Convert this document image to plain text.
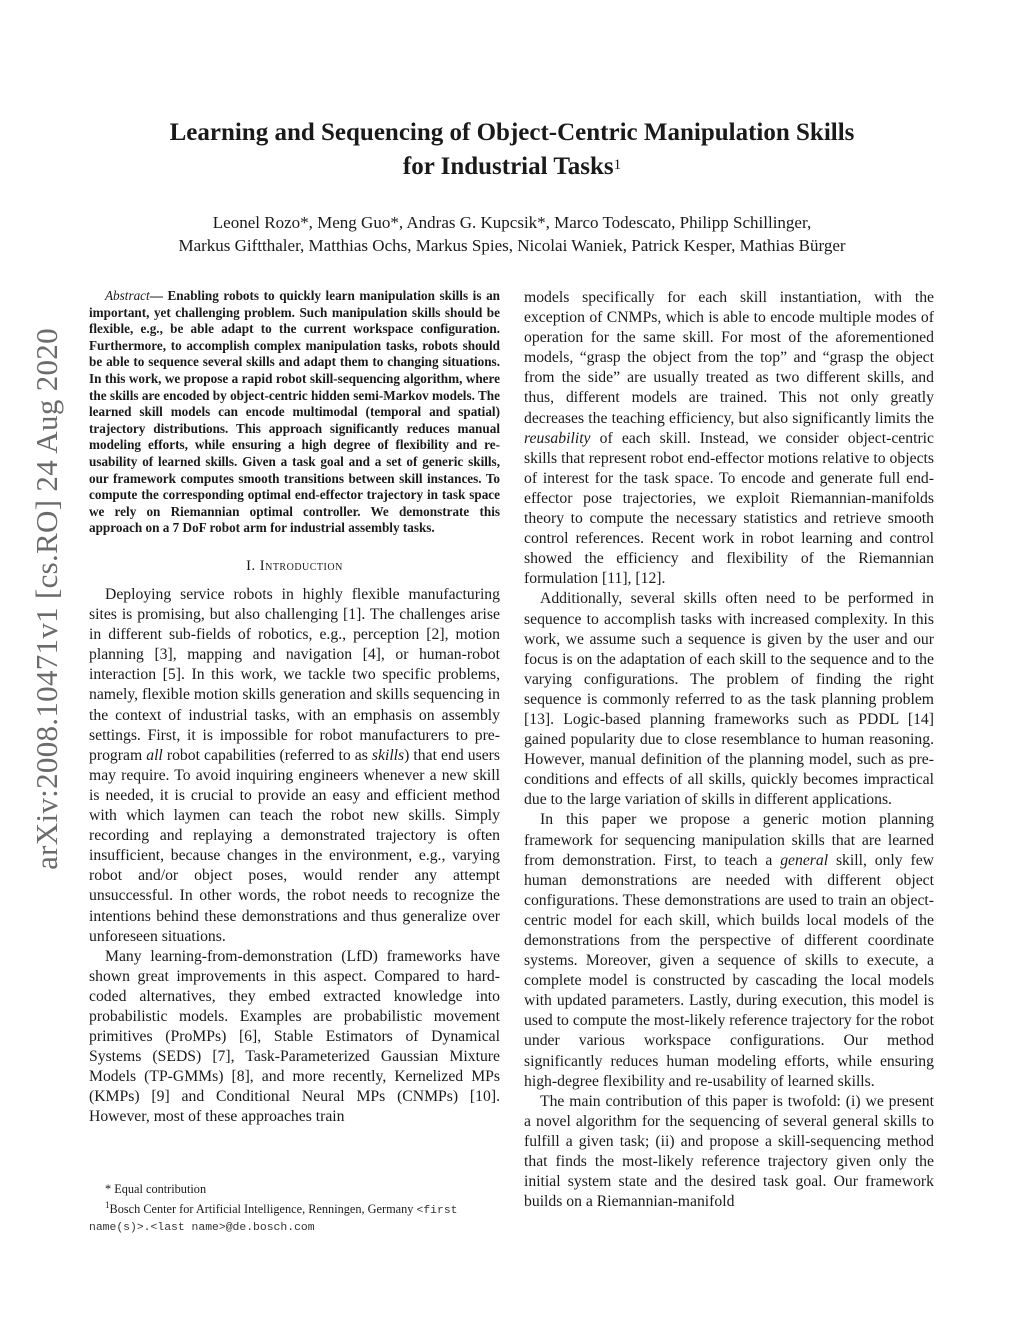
arXiv:2008.10471v1 [cs.RO] 24 Aug 2020
Learning and Sequencing of Object-Centric Manipulation Skills
for Industrial Tasks$^1$
Leonel Rozo*, Meng Guo*, Andras G. Kupcsik*, Marco Todescato, Philipp Schillinger,
Markus Giftthaler, Matthias Ochs, Markus Spies, Nicolai Waniek, Patrick Kesper, Mathias Bürger

Abstract— Enabling robots to quickly learn manipulation skills is an important, yet challenging problem. Such manipulation skills should be flexible, e.g., be able adapt to the current workspace configuration. Furthermore, to accomplish complex manipulation tasks, robots should be able to sequence several skills and adapt them to changing situations. In this work, we propose a rapid robot skill-sequencing algorithm, where the skills are encoded by object-centric hidden semi-Markov models. The learned skill models can encode multimodal (temporal and spatial) trajectory distributions. This approach significantly reduces manual modeling efforts, while ensuring a high degree of flexibility and re-usability of learned skills. Given a task goal and a set of generic skills, our framework computes smooth transitions between skill instances. To compute the corresponding optimal end-effector trajectory in task space we rely on Riemannian optimal controller. We demonstrate this approach on a 7 DoF robot arm for industrial assembly tasks.

I. Introduction

Deploying service robots in highly flexible manufacturing sites is promising, but also challenging [1]. The challenges arise in different sub-fields of robotics, e.g., perception [2], motion planning [3], mapping and navigation [4], or human-robot interaction [5]. In this work, we tackle two specific problems, namely, flexible motion skills generation and skills sequencing in the context of industrial tasks, with an emphasis on assembly settings. First, it is impossible for robot manufacturers to pre-program all robot capabilities (referred to as skills) that end users may require. To avoid inquiring engineers whenever a new skill is needed, it is crucial to provide an easy and efficient method with which laymen can teach the robot new skills. Simply recording and replaying a demonstrated trajectory is often insufficient, because changes in the environment, e.g., varying robot and/or object poses, would render any attempt unsuccessful. In other words, the robot needs to recognize the intentions behind these demonstrations and thus generalize over unforeseen situations.

Many learning-from-demonstration (LfD) frameworks have shown great improvements in this aspect. Compared to hard-coded alternatives, they embed extracted knowledge into probabilistic models. Examples are probabilistic movement primitives (ProMPs) [6], Stable Estimators of Dynamical Systems (SEDS) [7], Task-Parameterized Gaussian Mixture Models (TP-GMMs) [8], and more recently, Kernelized MPs (KMPs) [9] and Conditional Neural MPs (CNMPs) [10]. However, most of these approaches train

* Equal contribution
$^1$Bosch Center for Artificial Intelligence, Renningen, Germany <first
name(s)>.<last name>@de.bosch.com

models specifically for each skill instantiation, with the exception of CNMPs, which is able to encode multiple modes of operation for the same skill. For most of the aforementioned models, “grasp the object from the top” and “grasp the object from the side” are usually treated as two different skills, and thus, different models are trained. This not only greatly decreases the teaching efficiency, but also significantly limits the reusability of each skill. Instead, we consider object-centric skills that represent robot end-effector motions relative to objects of interest for the task space. To encode and generate full end-effector pose trajectories, we exploit Riemannian-manifolds theory to compute the necessary statistics and retrieve smooth control references. Recent work in robot learning and control showed the efficiency and flexibility of the Riemannian formulation [11], [12].

Additionally, several skills often need to be performed in sequence to accomplish tasks with increased complexity. In this work, we assume such a sequence is given by the user and our focus is on the adaptation of each skill to the sequence and to the varying configurations. The problem of finding the right sequence is commonly referred to as the task planning problem [13]. Logic-based planning frameworks such as PDDL [14] gained popularity due to close resemblance to human reasoning. However, manual definition of the planning model, such as pre-conditions and effects of all skills, quickly becomes impractical due to the large variation of skills in different applications.

In this paper we propose a generic motion planning framework for sequencing manipulation skills that are learned from demonstration. First, to teach a general skill, only few human demonstrations are needed with different object configurations. These demonstrations are used to train an object-centric model for each skill, which builds local models of the demonstrations from the perspective of different coordinate systems. Moreover, given a sequence of skills to execute, a complete model is constructed by cascading the local models with updated parameters. Lastly, during execution, this model is used to compute the most-likely reference trajectory for the robot under various workspace configurations. Our method significantly reduces human modeling efforts, while ensuring high-degree flexibility and re-usability of learned skills.

The main contribution of this paper is twofold: (i) we present a novel algorithm for the sequencing of several general skills to fulfill a given task; (ii) and propose a skill-sequencing method that finds the most-likely reference trajectory given only the initial system state and the desired task goal. Our framework builds on a Riemannian-manifold
